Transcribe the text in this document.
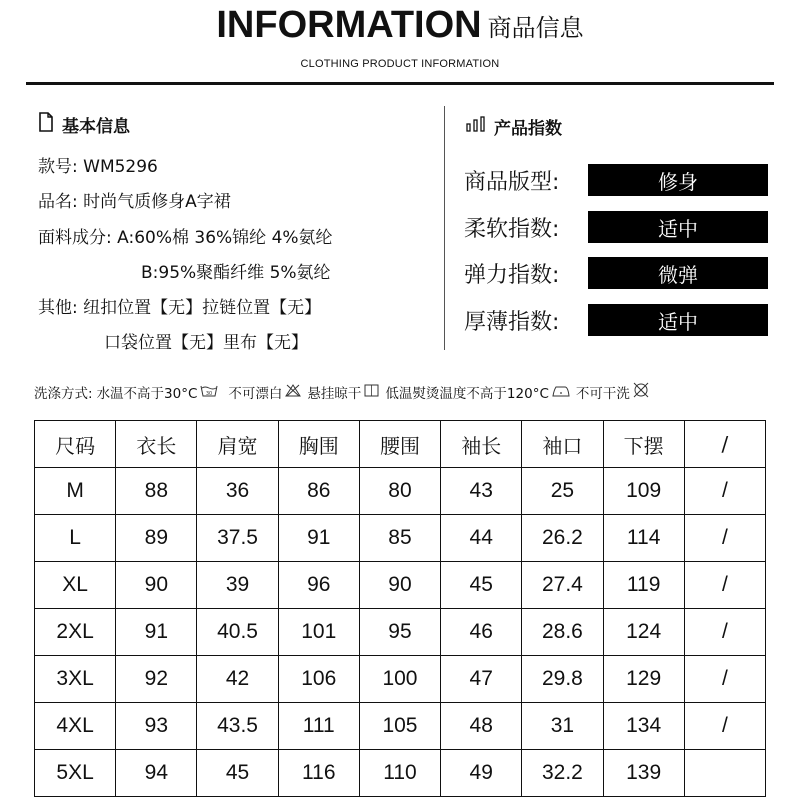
INFORMATION 商品信息
CLOTHING PRODUCT INFORMATION
基本信息
款号: WM5296
品名: 时尚气质修身A字裙
面料成分: A:60%棉 36%锦纶 4%氨纶
B:95%聚酯纤维 5%氨纶
其他: 纽扣位置【无】拉链位置【无】
口袋位置【无】里布【无】
产品指数
商品版型:	修身
柔软指数:	适中
弹力指数:	微弹
厚薄指数:	适中
洗涤方式: 水温不高于30°C 30 不可漂白 悬挂晾干 低温熨烫温度不高于120°C 不可干洗
尺码	衣长	肩宽	胸围	腰围	袖长	袖口	下摆	/
M	88	36	86	80	43	25	109	/
L	89	37.5	91	85	44	26.2	114	/
XL	90	39	96	90	45	27.4	119	/
2XL	91	40.5	101	95	46	28.6	124	/
3XL	92	42	106	100	47	29.8	129	/
4XL	93	43.5	111	105	48	31	134	/
5XL	94	45	116	110	49	32.2	139	
